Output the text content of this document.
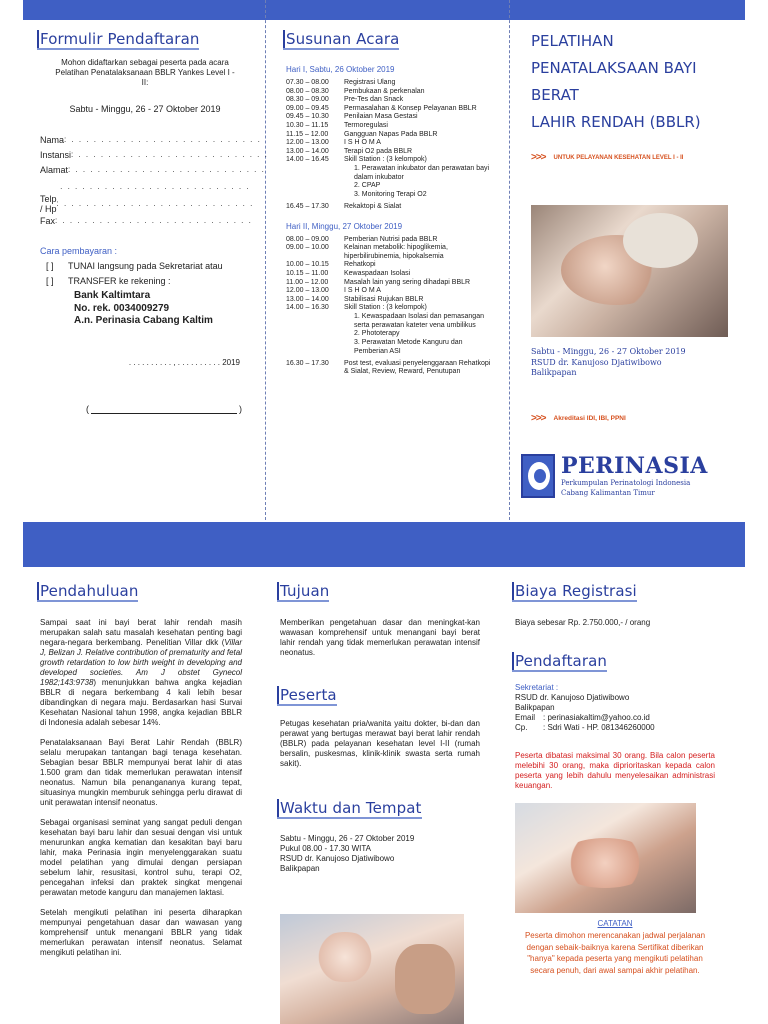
Formulir Pendaftaran
Mohon didaftarkan sebagai peserta pada acara Pelatihan Penatalaksanaan BBLR Yankes Level I - II:
Sabtu - Minggu, 26 - 27 Oktober 2019
Nama : . . . . . . . . . . . . . . . . . . . . . . . . . .
Instansi : . . . . . . . . . . . . . . . . . . . . . . . . . .
Alamat : . . . . . . . . . . . . . . . . . . . . . . . . . .
. . . . . . . . . . . . . . . . . . . . . . . . . .
Telp / Hp : . . . . . . . . . . . . . . . . . . . . . . . . . .
Fax : . . . . . . . . . . . . . . . . . . . . . . . . . .
Cara pembayaran :
[ ]	TUNAI langsung pada Sekretariat atau
[ ]	TRANSFER ke rekening :
Bank Kaltimtara
No. rek. 0034009279
A.n. Perinasia Cabang Kaltim
. . . . . . . . . . , . . . . . . . . . . 2019
(	)
Susunan Acara
Hari I, Sabtu, 26 Oktober 2019
07.30 – 08.00	Registrasi Ulang
08.00 – 08.30	Pembukaan & perkenalan
08.30 – 09.00	Pre-Tes dan Snack
09.00 – 09.45	Permasalahan & Konsep Pelayanan BBLR
09.45 – 10.30	Penilaian Masa Gestasi
10.30 – 11.15	Termoregulasi
11.15 – 12.00	Gangguan Napas Pada BBLR
12.00 – 13.00	I S H O M A
13.00 – 14.00	Terapi O2 pada BBLR
14.00 – 16.45	Skill Station : (3 kelompok)
1. Perawatan inkubator dan perawatan bayi dalam inkubator
2. CPAP
3. Monitoring Terapi O2
16.45 – 17.30	Rekaktopi & Sialat
Hari II, Minggu, 27 Oktober 2019
08.00 – 09.00	Pemberian Nutrisi pada BBLR
09.00 – 10.00	Kelainan metabolik: hipoglikemia, hiperbilirubinemia, hipokalsemia
10.00 – 10.15	Rehatkopi
10.15 – 11.00	Kewaspadaan Isolasi
11.00 – 12.00	Masalah lain yang sering dihadapi BBLR
12.00 – 13.00	I S H O M A
13.00 – 14.00	Stabilisasi Rujukan BBLR
14.00 – 16.30	Skill Station : (3 kelompok)
1. Kewaspadaan Isolasi dan pemasangan serta perawatan kateter vena umbilikus
2. Phototerapy
3. Perawatan Metode Kanguru dan Pemberian ASI
16.30 – 17.30	Post test, evaluasi penyelenggaraan Rehatkopi & Sialat, Review, Reward, Penutupan
PELATIHAN
PENATALAKSAAN BAYI BERAT
LAHIR RENDAH (BBLR)
>>> UNTUK PELAYANAN KESEHATAN LEVEL I - II
Sabtu - Minggu, 26 - 27 Oktober 2019
RSUD dr. Kanujoso Djatiwibowo
Balikpapan
>>> Akreditasi IDI, IBI, PPNI
PERINASIA
Perkumpulan Perinatologi Indonesia
Cabang Kalimantan Timur
Pendahuluan
Sampai saat ini bayi berat lahir rendah masih merupakan salah satu masalah kesehatan penting bagi negara-negara berkembang. Penelitian Villar dkk (Villar J, Belizan J. Relative contribution of prematurity and fetal growth retardation to low birth weight in developing and developed societies. Am J obstet Gynecol 1982;143:9738) menunjukkan bahwa angka kejadian BBLR di negara berkembang 4 kali lebih besar dibandingkan di negara maju. Berdasarkan hasi Survai Kesehatan Nasional tahun 1998, angka kejadian BBLR di Indonesia adalah sebesar 14%.
Penatalaksanaan Bayi Berat Lahir Rendah (BBLR) selalu merupakan tantangan bagi tenaga kesehatan. Sebagian besar BBLR mempunyai berat lahir di atas 1.500 gram dan tidak memerlukan perawatan intensif neonatus. Namun bila penangananya kurang tepat, situasinya mungkin memburuk sehingga perlu dirawat di unit perawatan intensif neonatus.
Sebagai organisasi seminat yang sangat peduli dengan kesehatan bayi baru lahir dan sesuai dengan visi untuk menurunkan angka kematian dan kesakitan bayi baru lahir, maka Perinasia ingin menyelenggarakan suatu model pelatihan yang dimulai dengan persiapan sebelum lahir, resusitasi, kontrol suhu, terapi O2, pencegahan infeksi dan praktek singkat mengenai perawatan metode kanguru dan manajemen laktasi.
Setelah mengikuti pelatihan ini peserta diharapkan mempunyai pengetahuan dasar dan wawasan yang komprehensif untuk menangani BBLR yang tidak memerlukan perawatan intensif neonatus. Selamat mengikuti pelatihan ini.
Tujuan
Memberikan pengetahuan dasar dan meningkat-kan wawasan komprehensif untuk menangani bayi berat lahir rendah yang tidak memerlukan perawatan intensif neonatus.
Peserta
Petugas kesehatan pria/wanita yaitu dokter, bi-dan dan perawat yang bertugas merawat bayi berat lahir rendah (BBLR) pada pelayanan kesehatan level I-II (rumah bersalin, puskesmas, klinik-klinik swasta serta rumah sakit).
Waktu dan Tempat
Sabtu - Minggu, 26 - 27 Oktober 2019
Pukul 08.00 - 17.30 WITA
RSUD dr. Kanujoso Djatiwibowo
Balikpapan
Biaya Registrasi
Biaya sebesar Rp. 2.750.000,- / orang
Pendaftaran
Sekretariat :
RSUD dr. Kanujoso Djatiwibowo
Balikpapan
Email : perinasiakaltim@yahoo.co.id
Cp.	: Sdri Wati - HP. 081346260000
Peserta dibatasi maksimal 30 orang. Bila calon peserta melebihi 30 orang, maka diprioritaskan kepada calon peserta yang lebih dahulu menyelesaikan administrasi keuangan.
CATATAN
Peserta dimohon merencanakan jadwal perjalanan dengan sebaik-baiknya karena Sertifikat diberikan "hanya" kepada peserta yang mengikuti pelatihan secara penuh, dari awal sampai akhir pelatihan.
